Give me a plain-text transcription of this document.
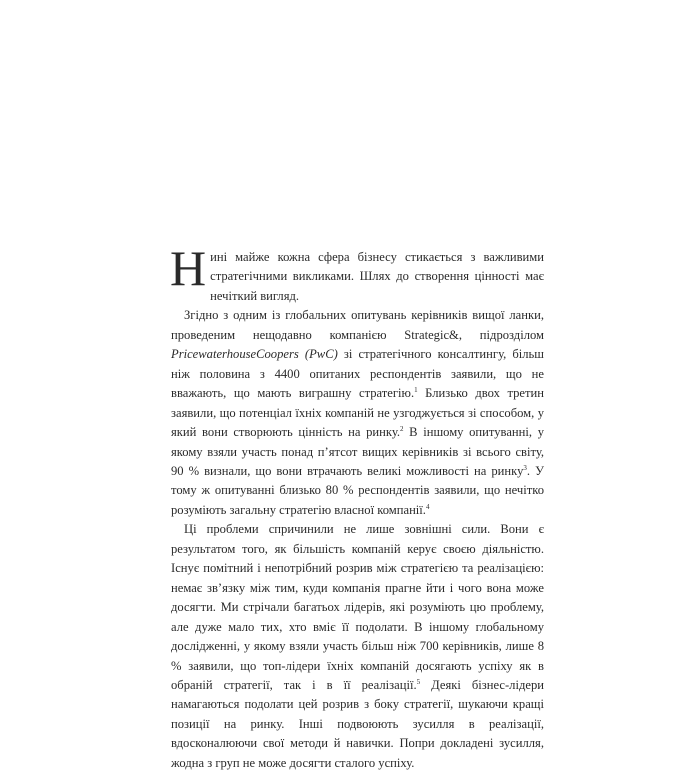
Нині майже кожна сфера бізнесу стикається з важливими стратегічними викликами. Шлях до створення цінності має нечіткий вигляд.

Згідно з одним із глобальних опитувань керівників вищої ланки, проведеним нещодавно компанією Strategic&, підрозділом PricewaterhouseCoopers (PwC) зі стратегічного консалтингу, більш ніж половина з 4400 опитаних респондентів заявили, що не вважають, що мають виграшну стратегію.$^1$ Близько двох третин заявили, що потенціал їхніх компаній не узгоджується зі способом, у який вони створюють цінність на ринку.$^2$ В іншому опитуванні, у якому взяли участь понад п’ятсот вищих керівників зі всього світу, 90 % визнали, що вони втрачають великі можливості на ринку$^3$. У тому ж опитуванні близько 80 % респондентів заявили, що нечітко розуміють загальну стратегію власної компанії.$^4$

Ці проблеми спричинили не лише зовнішні сили. Вони є результатом того, як більшість компаній керує своєю діяльністю. Існує помітний і непотрібний розрив між стратегією та реалізацією: немає зв’язку між тим, куди компанія прагне йти і чого вона може досягти. Ми стрічали багатьох лідерів, які розуміють цю проблему, але дуже мало тих, хто вміє її подолати. В іншому глобальному дослідженні, у якому взяли участь більш ніж 700 керівників, лише 8 % заявили, що топ-лідери їхніх компаній досягають успіху як в обраній стратегії, так і в її реалізації.$^5$ Деякі бізнес-лідери намагаються подолати цей розрив з боку стратегії, шукаючи кращі позиції на ринку. Інші подвоюють зусилля в реалізації, вдосконалюючи свої методи й навички. Попри докладені зусилля, жодна з груп не може досягти сталого успіху.
